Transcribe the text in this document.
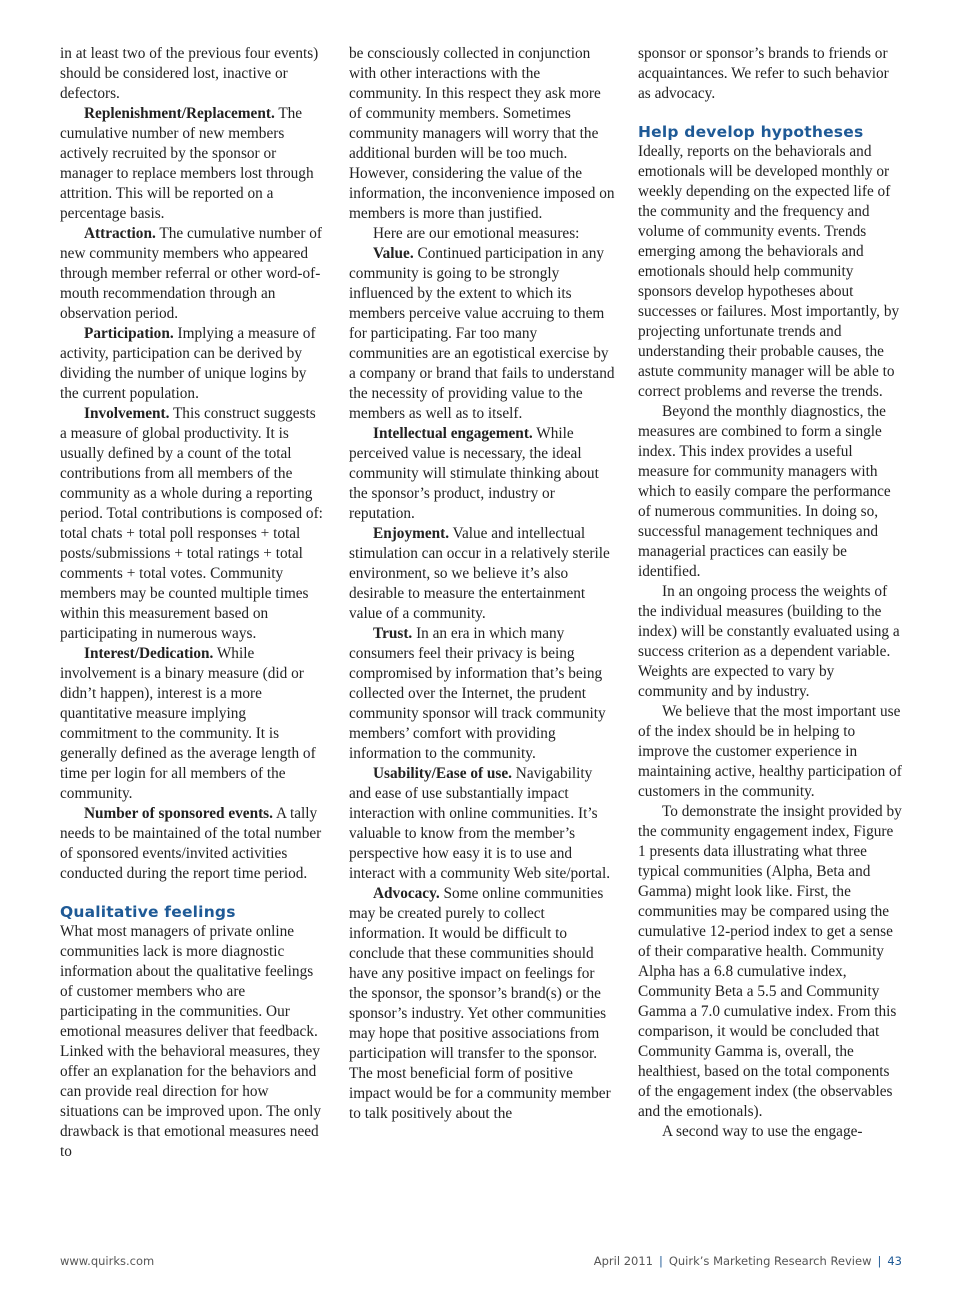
in at least two of the previous four events) should be considered lost, inactive or defectors.

Replenishment/Replacement. The cumulative number of new members actively recruited by the sponsor or manager to replace members lost through attrition. This will be reported on a percentage basis.

Attraction. The cumulative number of new community members who appeared through member referral or other word-of-mouth recommendation through an observation period.

Participation. Implying a measure of activity, participation can be derived by dividing the number of unique logins by the current population.

Involvement. This construct suggests a measure of global productivity. It is usually defined by a count of the total contributions from all members of the community as a whole during a reporting period. Total contributions is composed of: total chats + total poll responses + total posts/submissions + total ratings + total comments + total votes. Community members may be counted multiple times within this measurement based on participating in numerous ways.

Interest/Dedication. While involvement is a binary measure (did or didn’t happen), interest is a more quantitative measure implying commitment to the community. It is generally defined as the average length of time per login for all members of the community.

Number of sponsored events. A tally needs to be maintained of the total number of sponsored events/invited activities conducted during the report time period.

Qualitative feelings

What most managers of private online communities lack is more diagnostic information about the qualitative feelings of customer members who are participating in the communities. Our emotional measures deliver that feedback. Linked with the behavioral measures, they offer an explanation for the behaviors and can provide real direction for how situations can be improved upon. The only drawback is that emotional measures need to

be consciously collected in conjunction with other interactions with the community. In this respect they ask more of community members. Sometimes community managers will worry that the additional burden will be too much. However, considering the value of the information, the inconvenience imposed on members is more than justified.

Here are our emotional measures:

Value. Continued participation in any community is going to be strongly influenced by the extent to which its members perceive value accruing to them for participating. Far too many communities are an egotistical exercise by a company or brand that fails to understand the necessity of providing value to the members as well as to itself.

Intellectual engagement. While perceived value is necessary, the ideal community will stimulate thinking about the sponsor’s product, industry or reputation.

Enjoyment. Value and intellectual stimulation can occur in a relatively sterile environment, so we believe it’s also desirable to measure the entertainment value of a community.

Trust. In an era in which many consumers feel their privacy is being compromised by information that’s being collected over the Internet, the prudent community sponsor will track community members’ comfort with providing information to the community.

Usability/Ease of use. Navigability and ease of use substantially impact interaction with online communities. It’s valuable to know from the member’s perspective how easy it is to use and interact with a community Web site/portal.

Advocacy. Some online communities may be created purely to collect information. It would be difficult to conclude that these communities should have any positive impact on feelings for the sponsor, the sponsor’s brand(s) or the sponsor’s industry. Yet other communities may hope that positive associations from participation will transfer to the sponsor. The most beneficial form of positive impact would be for a community member to talk positively about the

sponsor or sponsor’s brands to friends or acquaintances. We refer to such behavior as advocacy.

Help develop hypotheses

Ideally, reports on the behaviorals and emotionals will be developed monthly or weekly depending on the expected life of the community and the frequency and volume of community events. Trends emerging among the behaviorals and emotionals should help community sponsors develop hypotheses about successes or failures. Most importantly, by projecting unfortunate trends and understanding their probable causes, the astute community manager will be able to correct problems and reverse the trends.

Beyond the monthly diagnostics, the measures are combined to form a single index. This index provides a useful measure for community managers with which to easily compare the performance of numerous communities. In doing so, successful management techniques and managerial practices can easily be identified.

In an ongoing process the weights of the individual measures (building to the index) will be constantly evaluated using a success criterion as a dependent variable. Weights are expected to vary by community and by industry.

We believe that the most important use of the index should be in helping to improve the customer experience in maintaining active, healthy participation of customers in the community.

To demonstrate the insight provided by the community engagement index, Figure 1 presents data illustrating what three typical communities (Alpha, Beta and Gamma) might look like. First, the communities may be compared using the cumulative 12-period index to get a sense of their comparative health. Community Alpha has a 6.8 cumulative index, Community Beta a 5.5 and Community Gamma a 7.0 cumulative index. From this comparison, it would be concluded that Community Gamma is, overall, the healthiest, based on the total components of the engagement index (the observables and the emotionals).

A second way to use the engage-

www.quirks.com	April 2011 | Quirk’s Marketing Research Review | 43
